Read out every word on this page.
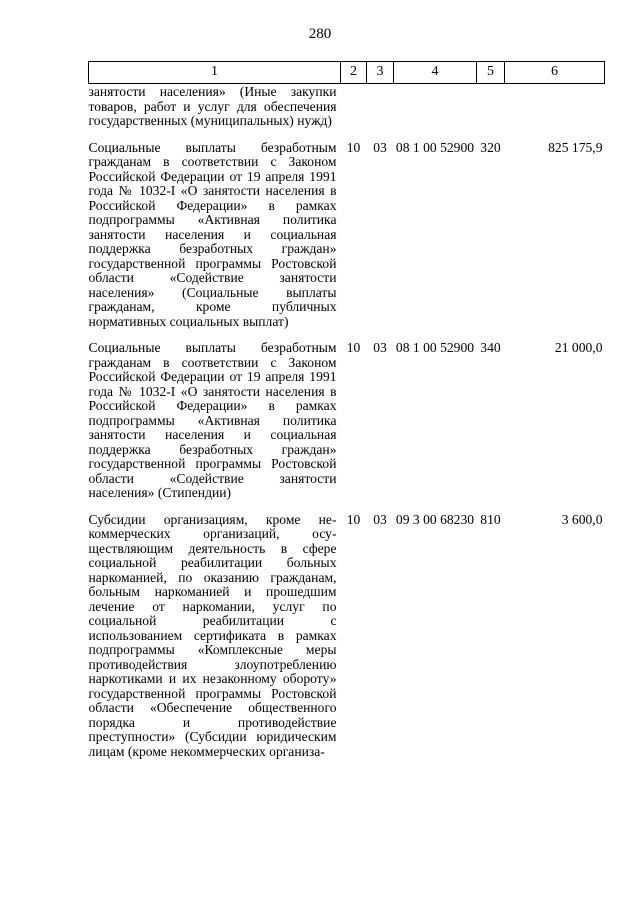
280
1	2	3	4	5	6
занятости населения» (Иные закупки товаров, работ и услуг для обеспечения государственных (муниципальных) нужд)					
Социальные выплаты безработным гражданам в соответствии с Законом Российской Федерации от 19 апреля 1991 года № 1032-I «О занятости населения в Российской Федерации» в рамках подпрограммы «Активная политика занятости населения и социальная поддержка безработных граждан» государственной программы Ростовской области «Содействие занятости населения» (Социальные выплаты гражданам, кроме публичных нормативных социальных выплат)	10	03	08 1 00 52900	320	825 175,9
Социальные выплаты безработным гражданам в соответствии с Законом Российской Федерации от 19 апреля 1991 года № 1032-I «О занятости населения в Российской Федерации» в рамках подпрограммы «Активная политика занятости населения и социальная поддержка безработных граждан» государственной программы Ростовской области «Содействие занятости населения» (Стипендии)	10	03	08 1 00 52900	340	21 000,0
Субсидии организациям, кроме некоммерческих организаций, осуществляющим деятельность в сфере социальной реабилитации больных наркоманией, по оказанию гражданам, больным наркоманией и прошедшим лечение от наркомании, услуг по социальной реабилитации с использованием сертификата в рамках подпрограммы «Комплексные меры противодействия злоупотреблению наркотиками и их незаконному обороту» государственной программы Ростовской области «Обеспечение общественного порядка и противодействие преступности» (Субсидии юридическим лицам (кроме некоммерческих организа-	10	03	09 3 00 68230	810	3 600,0
